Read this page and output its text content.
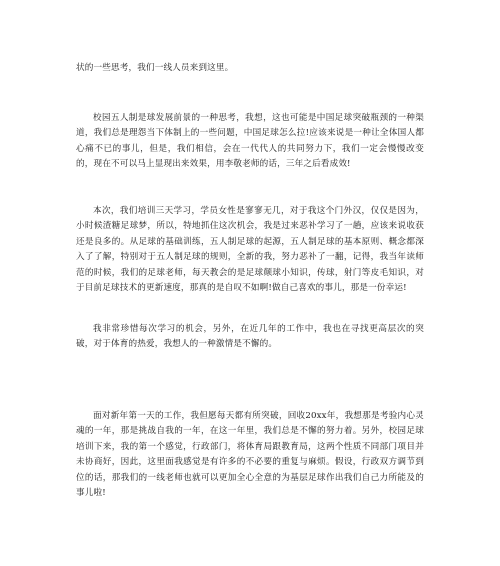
状的一些思考，我们一线人员来到这里。

校园五人制是球发展前景的一种思考，我想，这也可能是中国足球突破瓶颈的一种渠道，我们总是理怨当下体制上的一些问题，中国足球怎么拉!应该来说是一种让全体国人都心痛不已的事儿，但是，我们相信，会在一代代人的共同努力下，我们一定会慢慢改变的，现在不可以马上显现出来效果，用李敬老师的话，三年之后看成效!

本次，我们培训三天学习，学员女性是寥寥无几，对于我这个门外汉，仅仅是因为，小时候渣糖足球梦，所以，特地抓住这次机会，我是过来恶补学习了一趟，应该来说收获还是良多的。从足球的基础训练，五人制足球的起源，五人制足球的基本原则、概念都深入了了解，特别对于五人制足球的规则，全新的我，努力恶补了一翻，记得，我当年读师范的时候，我们的足球老师，每天教会的是足球颠球小知识，传球，射门等皮毛知识，对于目前足球技术的更新速度，那真的是自叹不如啊!做自己喜欢的事儿，那是一份幸运!

我非常珍惜每次学习的机会，另外，在近几年的工作中，我也在寻找更高层次的突破，对于体育的热爱，我想人的一种激情是不懈的。

面对新年第一天的工作，我但愿每天都有所突破，回收20xx年，我想那是考验内心灵魂的一年，那是挑战自我的一年，在这一年里，我们总是不懈的努力着。另外，校园足球培训下来，我的第一个感觉，行政部门，将体育局跟教育局，这两个性质不同部门项目并未协商好，因此，这里面我感觉是有许多的不必要的重复与麻烦。假设，行政双方调节到位的话，那我们的一线老师也就可以更加全心全意的为基层足球作出我们自己力所能及的事儿啦!
